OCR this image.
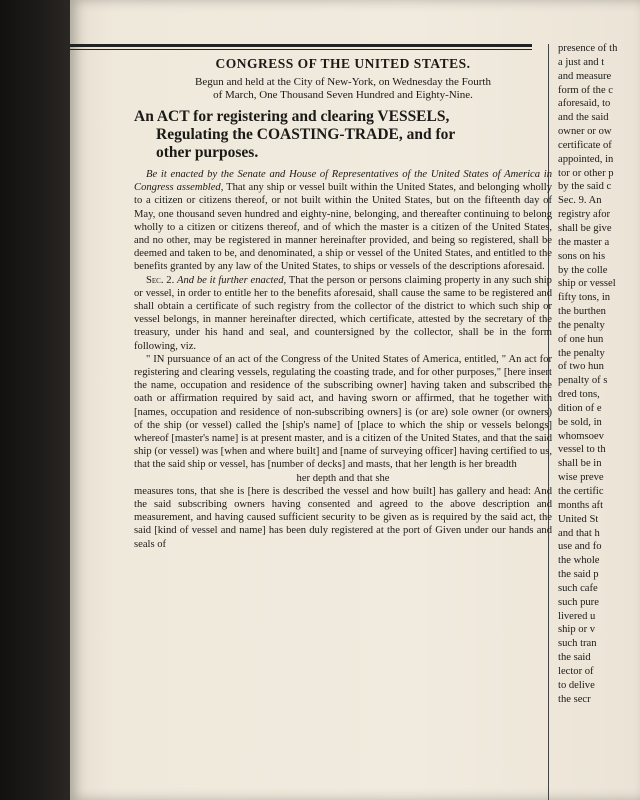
CONGRESS OF THE UNITED STATES.
Begun and held at the City of New-York, on Wednesday the Fourth
of March, One Thousand Seven Hundred and Eighty-Nine.
An ACT for registering and clearing VESSELS,
Regulating the COASTING-TRADE, and for
other purposes.

Be it enacted by the Senate and House of Representatives of the United States of America in Congress assembled, That any ship or vessel built within the United States, and belonging wholly to a citizen or citizens thereof, or not built within the United States, but on the fifteenth day of May, one thousand seven hundred and eighty-nine, belonging, and thereafter continuing to belong wholly to a citizen or citizens thereof, and of which the master is a citizen of the United States, and no other, may be registered in manner hereinafter provided, and being so registered, shall be deemed and taken to be, and denominated, a ship or vessel of the United States, and entitled to the benefits granted by any law of the United States, to ships or vessels of the descriptions aforesaid.

Sec. 2. And be it further enacted, That the person or persons claiming property in any such ship or vessel, in order to entitle her to the benefits aforesaid, shall cause the same to be registered and shall obtain a certificate of such registry from the collector of the district to which such ship or vessel belongs, in manner hereinafter directed, which certificate, attested by the secretary of the treasury, under his hand and seal, and countersigned by the collector, shall be in the form following, viz.

" IN pursuance of an act of the Congress of the United States of America, entitled, " An act for registering and clearing vessels, regulating the coasting trade, and for other purposes," [here insert the name, occupation and residence of the subscribing owner] having taken and subscribed the oath or affirmation required by said act, and having sworn or affirmed, that he together with [names, occupation and residence of non-subscribing owners] is (or are) sole owner (or owners) of the ship (or vessel) called the [ship's name] of [place to which the ship or vessels belongs] whereof [master's name] is at present master, and is a citizen of the United States, and that the said ship (or vessel) was [when and where built] and [name of surveying officer] having certified to us, that the said ship or vessel, has [number of decks] and masts, that her length is her breadth

her depth and that she

measures tons, that she is [here is described the vessel and how built] has gallery and head: And the said subscribing owners having consented and agreed to the above description and measurement, and having caused sufficient security to be given as is required by the said act, the said [kind of vessel and name] has been duly registered at the port of Given under our hands and seals of

presence of th
a just and t
and measure
form of the c
aforesaid, to
and the said
owner or ow
certificate of
appointed, in
tor or other p
by the said c
Sec. 9. An
registry afor
shall be give
the master a
sons on his
by the colle
ship or vessel
fifty tons, in
the burthen
the penalty
of one hun
the penalty
of two hun
penalty of s
dred tons,
dition of e
be sold, in
whomsoev
vessel to th
shall be in
wise preve
the certific
months aft
United St
and that h
use and fo
the whole
the said p
such cafe
such pure
livered u
ship or v
such tran
the said
lector of
to delive
the secr
